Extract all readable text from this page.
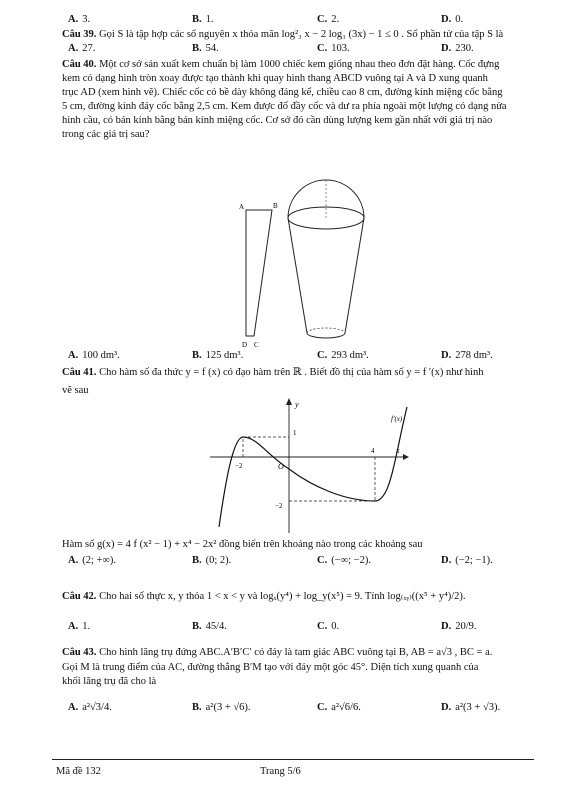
A. 3.	B. 1.	C. 2.	D. 0.
Câu 39. Gọi S là tập hợp các số nguyên x thỏa mãn log²₃ x − 2 log₃ (3x) − 1 ≤ 0 . Số phần tử của tập S là
A. 27.	B. 54.	C. 103.	D. 230.
Câu 40. Một cơ sở sản xuất kem chuẩn bị làm 1000 chiếc kem giống nhau theo đơn đặt hàng. Cốc đựng
kem có dạng hình tròn xoay được tạo thành khi quay hình thang ABCD vuông tại A và D xung quanh
trục AD (xem hình vẽ). Chiếc cốc có bề dày không đáng kể, chiều cao 8 cm, đường kính miệng cốc bằng
5 cm, đường kính đáy cốc bằng 2,5 cm. Kem được đổ đầy cốc và dư ra phía ngoài một lượng có dạng nửa
hình cầu, có bán kính bằng bán kính miệng cốc. Cơ sở đó cần dùng lượng kem gần nhất với giá trị nào
trong các giá trị sau?
A	B
D C
A. 100 dm³.	B. 125 dm³.	C. 293 dm³.	D. 278 dm³.
Câu 41. Cho hàm số đa thức y = f (x) có đạo hàm trên ℝ . Biết đồ thị của hàm số y = f ′(x) như hình
vẽ sau
y
x
O
1
−2
4
−2
f′(x)
Hàm số g(x) = 4 f (x² − 1) + x⁴ − 2x² đồng biến trên khoảng nào trong các khoảng sau
A. (2; +∞).	B. (0; 2).	C. (−∞; −2).	D. (−2; −1).
Câu 42. Cho hai số thực x, y thỏa 1 < x < y và logₓ(y⁴) + log_y(x⁵) = 9. Tính log₍ₓᵧ₎((x⁵ + y⁴)/2).
A. 1.	B. 45/4.	C. 0.	D. 20/9.
Câu 43. Cho hình lăng trụ đứng ABC.A′B′C′ có đáy là tam giác ABC vuông tại B, AB = a√3 , BC = a.
Gọi M là trung điểm của AC, đường thẳng B′M tạo với đáy một góc 45°. Diện tích xung quanh của
khối lăng trụ đã cho là
A. a²√3/4.	B. a²(3 + √6).	C. a²√6/6.	D. a²(3 + √3).
Mã đề 132	Trang 5/6
